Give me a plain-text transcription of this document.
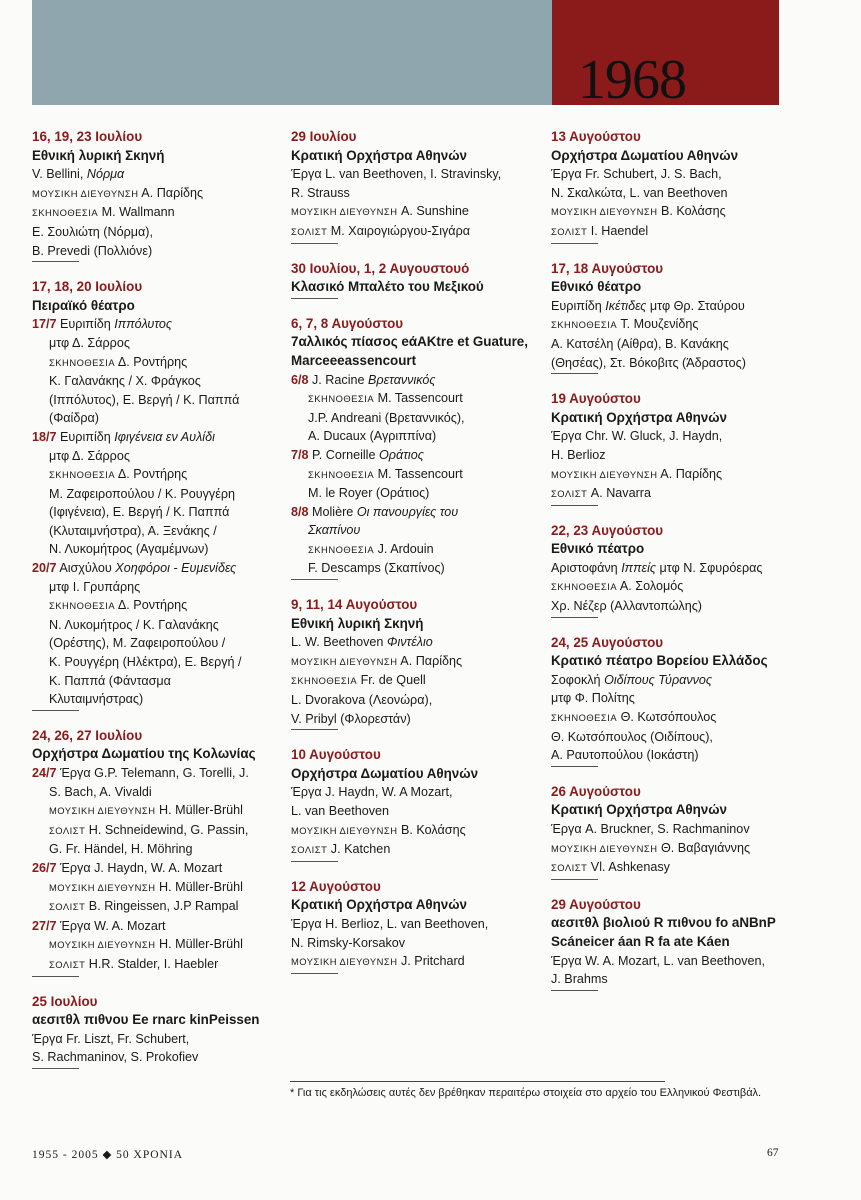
1968
16, 19, 23 Ιουλίου
Εθνική λυρική Σκηνή
V. Bellini, Νόρμα
ΜΟΥΣΙΚΗ ΔΙΕΥΘΥΝΣΗ Α. Παρίδης
ΣΚΗΝΟΘΕΣΙΑ M. Wallmann
Ε. Σουλιώτη (Νόρμα),
B. Prevedi (Πολλιόνε)
17, 18, 20 Ιουλίου
Πειραϊκό θέατρο
17/7 Ευριπίδη Ιππόλυτος
μτφ Δ. Σάρρος
ΣΚΗΝΟΘΕΣΙΑ Δ. Ροντήρης
Κ. Γαλανάκης / Χ. Φράγκος
(Ιππόλυτος), Ε. Βεργή / Κ. Παππά
(Φαίδρα)
18/7 Ευριπίδη Ιφιγένεια εν Αυλίδι
μτφ Δ. Σάρρος
ΣΚΗΝΟΘΕΣΙΑ Δ. Ροντήρης
Μ. Ζαφειροπούλου / Κ. Ρουγγέρη
(Ιφιγένεια), Ε. Βεργή / Κ. Παππά
(Κλυταιμνήστρα), Α. Ξενάκης /
Ν. Λυκομήτρος (Αγαμέμνων)
20/7 Αισχύλου Χοηφόροι - Ευμενίδες
μτφ Ι. Γρυπάρης
ΣΚΗΝΟΘΕΣΙΑ Δ. Ροντήρης
Ν. Λυκομήτρος / Κ. Γαλανάκης
(Ορέστης), Μ. Ζαφειροπούλου /
Κ. Ρουγγέρη (Ηλέκτρα), Ε. Βεργή /
Κ. Παππά (Φάντασμα
Κλυταιμνήστρας)
24, 26, 27 Ιουλίου
Ορχήστρα Δωματίου της Κολωνίας
24/7 Έργα G.P. Telemann, G. Torelli, J.
S. Bach, A. Vivaldi
ΜΟΥΣΙΚΗ ΔΙΕΥΘΥΝΣΗ H. Müller-Brühl
ΣΟΛΙΣΤ H. Schneidewind, G. Passin,
G. Fr. Händel, H. Möhring
26/7 Έργα J. Haydn, W. A. Mozart
ΜΟΥΣΙΚΗ ΔΙΕΥΘΥΝΣΗ H. Müller-Brühl
ΣΟΛΙΣΤ B. Ringeissen, J.P Rampal
27/7 Έργα W. A. Mozart
ΜΟΥΣΙΚΗ ΔΙΕΥΘΥΝΣΗ H. Müller-Brühl
ΣΟΛΙΣΤ H.R. Stalder, I. Haebler
25 Ιουλίου
αεσιτθλ πιθνου Ee rnarc kinPeissen
Έργα Fr. Liszt, Fr. Schubert,
S. Rachmaninov, S. Prokofiev
29 Ιουλίου
Κρατική Ορχήστρα Αθηνών
Έργα L. van Beethoven, I. Stravinsky,
R. Strauss
ΜΟΥΣΙΚΗ ΔΙΕΥΘΥΝΣΗ A. Sunshine
ΣΟΛΙΣΤ Μ. Χαιρογιώργου-Σιγάρα
30 Ιουλίου, 1, 2 Αυγουστουό
Κλασικό Μπαλέτο του Μεξικού
6, 7, 8 Αυγούστου
7αλλικός πίασος eάAKtre et Guature, Marceeeassencourt
6/8 J. Racine Βρεταννικός
ΣΚΗΝΟΘΕΣΙΑ M. Tassencourt
J.P. Andreani (Βρεταννικός),
A. Ducaux (Αγριππίνα)
7/8 P. Corneille Οράτιος
ΣΚΗΝΟΘΕΣΙΑ M. Tassencourt
M. le Royer (Οράτιος)
8/8 Molière Οι πανουργίες του
Σκαπίνου
ΣΚΗΝΟΘΕΣΙΑ J. Ardouin
F. Descamps (Σκαπίνος)
9, 11, 14 Αυγούστου
Εθνική λυρική Σκηνή
L. W. Beethoven Φιντέλιο
ΜΟΥΣΙΚΗ ΔΙΕΥΘΥΝΣΗ Α. Παρίδης
ΣΚΗΝΟΘΕΣΙΑ Fr. de Quell
L. Dvorakova (Λεονώρα),
V. Pribyl (Φλορεστάν)
10 Αυγούστου
Ορχήστρα Δωματίου Αθηνών
Έργα J. Haydn, W. A Mozart,
L. van Beethoven
ΜΟΥΣΙΚΗ ΔΙΕΥΘΥΝΣΗ Β. Κολάσης
ΣΟΛΙΣΤ J. Katchen
12 Αυγούστου
Κρατική Ορχήστρα Αθηνών
Έργα H. Berlioz, L. van Beethoven,
N. Rimsky-Korsakov
ΜΟΥΣΙΚΗ ΔΙΕΥΘΥΝΣΗ J. Pritchard
13 Αυγούστου
Ορχήστρα Δωματίου Αθηνών
Έργα Fr. Schubert, J. S. Bach,
Ν. Σκαλκώτα, L. van Beethoven
ΜΟΥΣΙΚΗ ΔΙΕΥΘΥΝΣΗ Β. Κολάσης
ΣΟΛΙΣΤ I. Haendel
17, 18 Αυγούστου
Εθνικό θέατρο
Ευριπίδη Ικέτιδες μτφ Θρ. Σταύρου
ΣΚΗΝΟΘΕΣΙΑ Τ. Μουζενίδης
Α. Κατσέλη (Αίθρα), Β. Κανάκης
(Θησέας), Στ. Βόκοβιτς (Άδραστος)
19 Αυγούστου
Κρατική Ορχήστρα Αθηνών
Έργα Chr. W. Gluck, J. Haydn,
H. Berlioz
ΜΟΥΣΙΚΗ ΔΙΕΥΘΥΝΣΗ Α. Παρίδης
ΣΟΛΙΣΤ A. Navarra
22, 23 Αυγούστου
Εθνικό πέατρο
Αριστοφάνη Ιππείς μτφ Ν. Σφυρόερας
ΣΚΗΝΟΘΕΣΙΑ Α. Σολομός
Χρ. Νέζερ (Αλλαντοπώλης)
24, 25 Αυγούστου
Κρατικό πέατρο Βορείου Ελλάδος
Σοφοκλή Οιδίπους Τύραννος
μτφ Φ. Πολίτης
ΣΚΗΝΟΘΕΣΙΑ Θ. Κωτσόπουλος
Θ. Κωτσόπουλος (Οιδίπους),
Α. Ραυτοπούλου (Ιοκάστη)
26 Αυγούστου
Κρατική Ορχήστρα Αθηνών
Έργα A. Bruckner, S. Rachmaninov
ΜΟΥΣΙΚΗ ΔΙΕΥΘΥΝΣΗ Θ. Βαβαγιάννης
ΣΟΛΙΣΤ Vl. Ashkenasy
29 Αυγούστου
αεσιτθλ βιολιού R πιθνου fo aNΒnP Scáneicer áan R fa ate Káen
Έργα W. A. Mozart, L. van Beethoven,
J. Brahms
* Για τις εκδηλώσεις αυτές δεν βρέθηκαν περαιτέρω στοιχεία στο αρχείο του Ελληνικού Φεστιβάλ.
1955 - 2005 ◆ 50 ΧΡΟΝΙΑ	67
